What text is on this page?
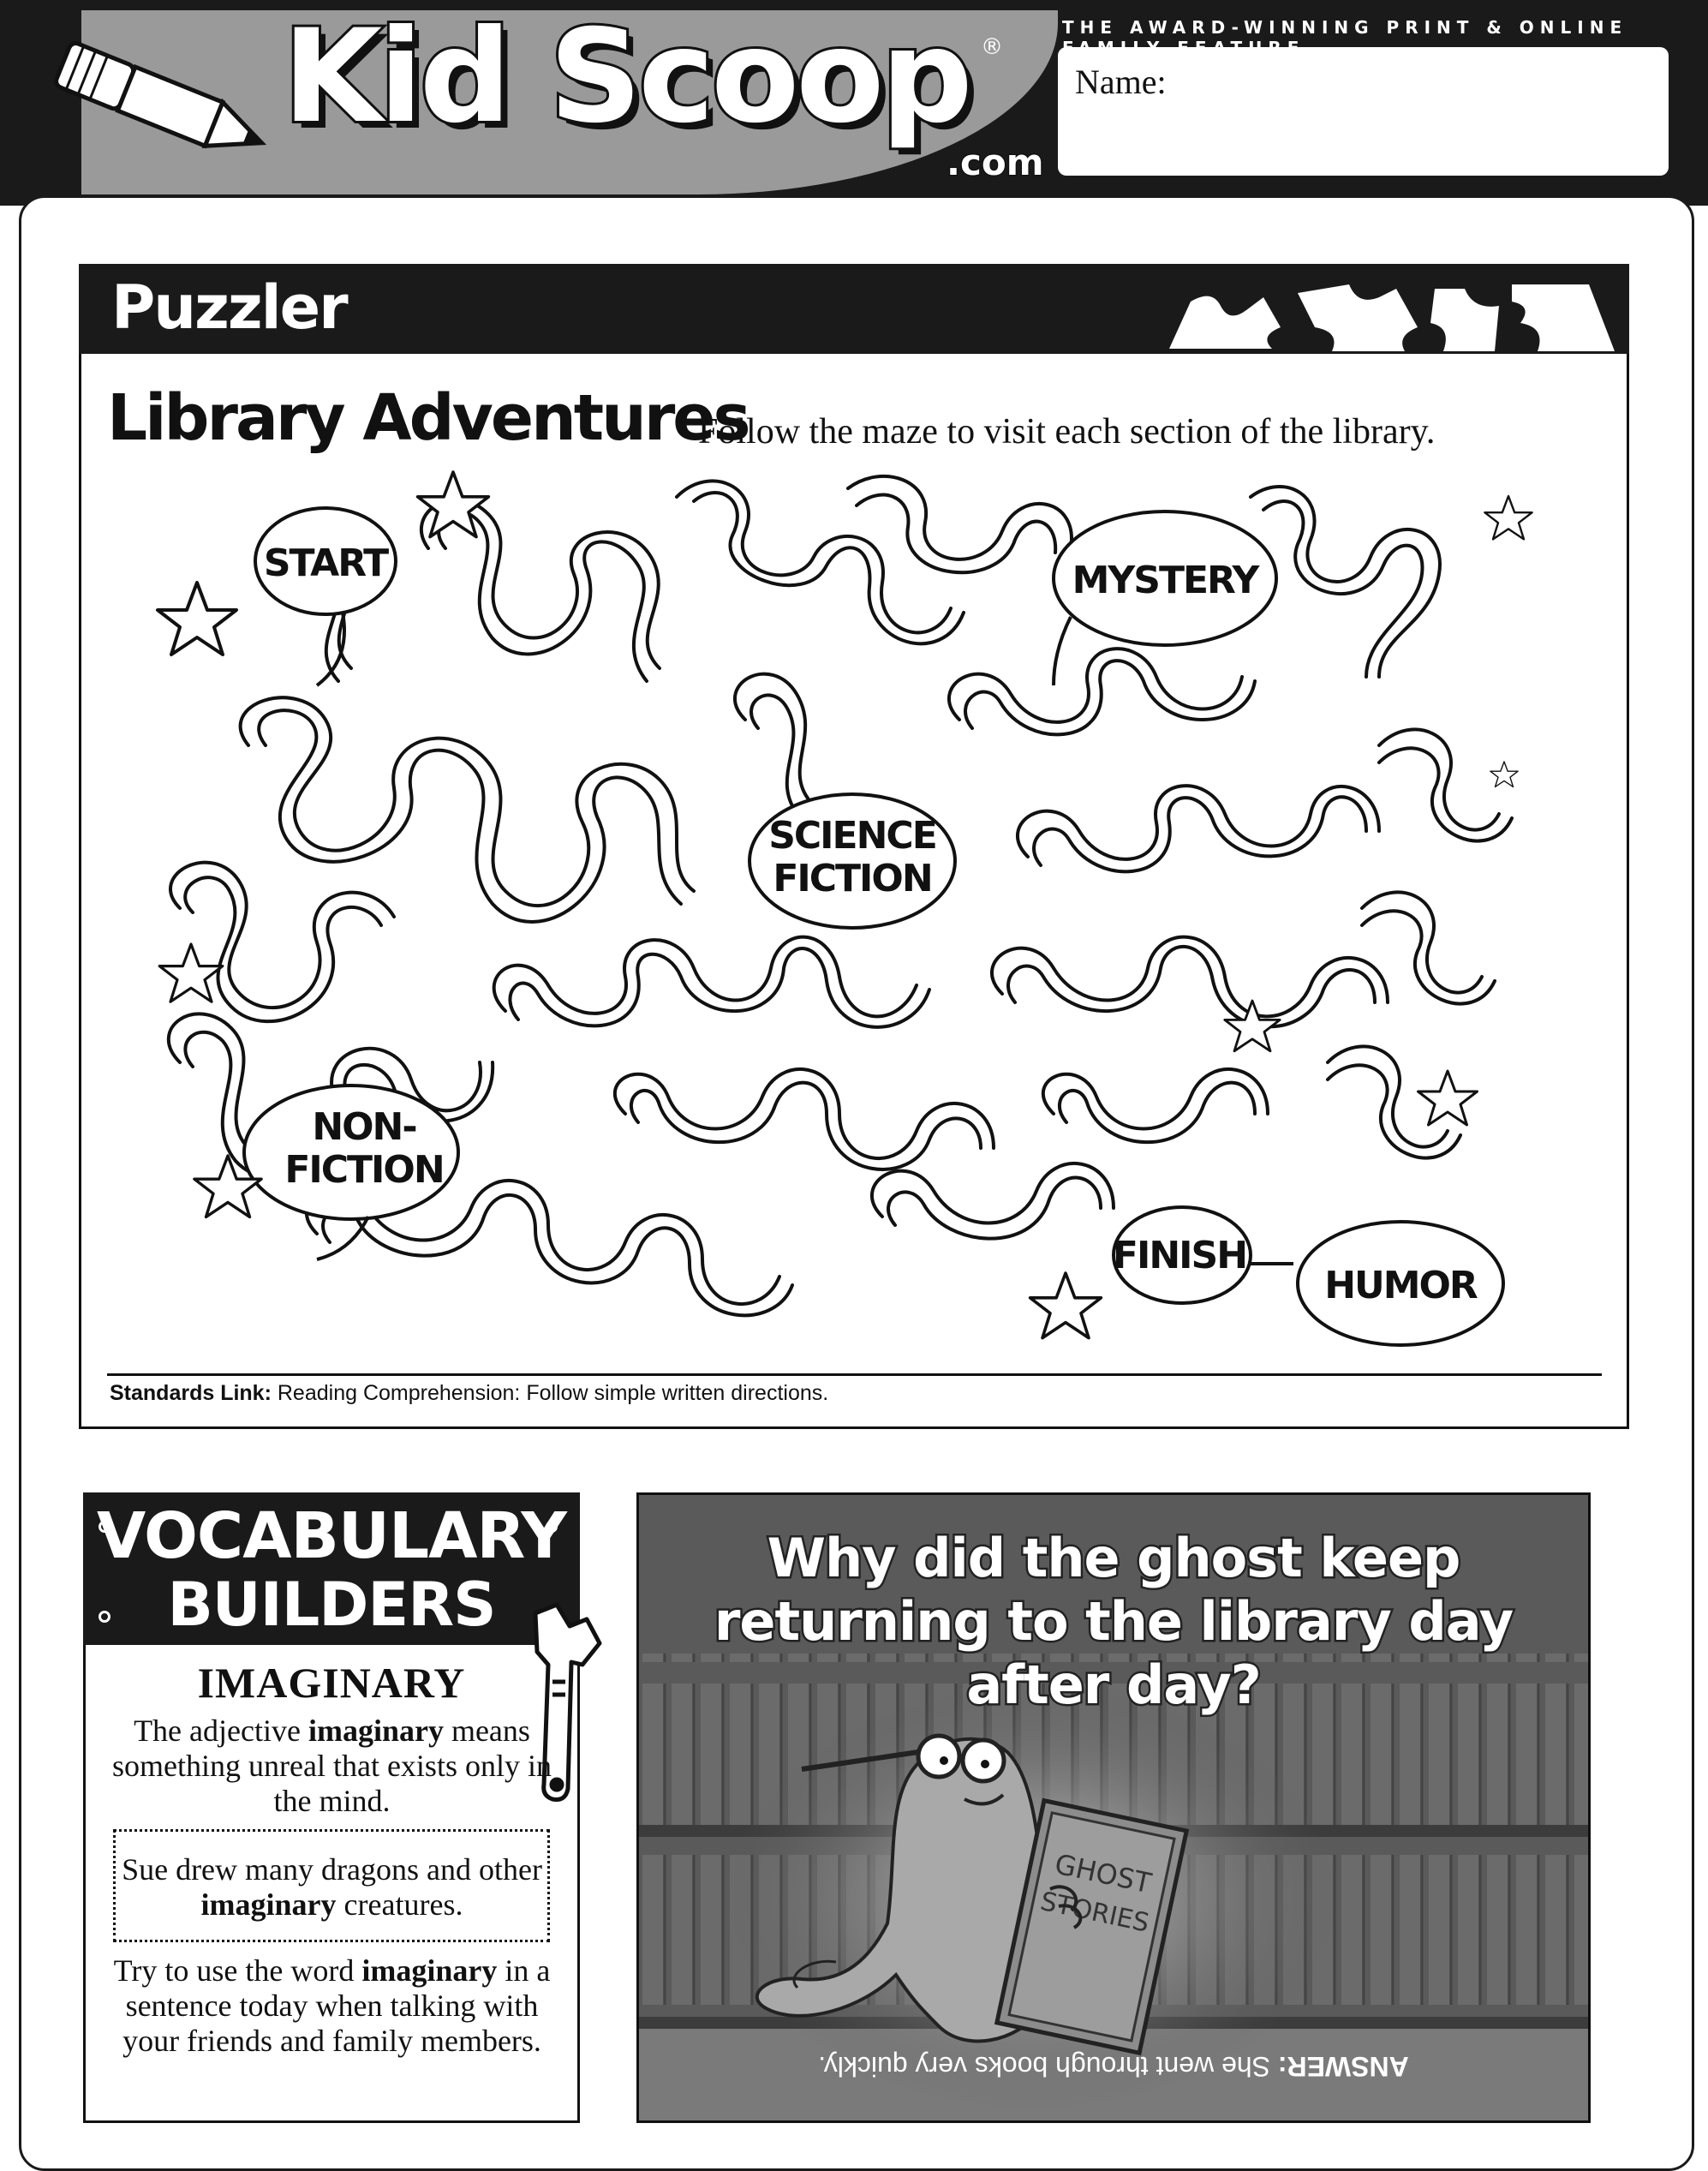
Kid Scoop ®
.com
THE AWARD-WINNING PRINT & ONLINE
Name:
Puzzler
Library Adventures
Follow the maze to visit each section of the library.
START	MYSTERY
SCIENCE
FICTION
NON-
FICTION
FINISH
HUMOR
Standards Link: Reading Comprehension: Follow simple written directions.
VOCABULARY
BUILDERS
IMAGINARY
The adjective imaginary means something unreal that exists only in the mind.
Sue drew many dragons and other imaginary creatures.
Try to use the word imaginary in a sentence today when talking with your friends and family members.
GHOST
STORIES
Why did the ghost keep returning to the library day after day?
ANSWER: She went through books very quickly.
